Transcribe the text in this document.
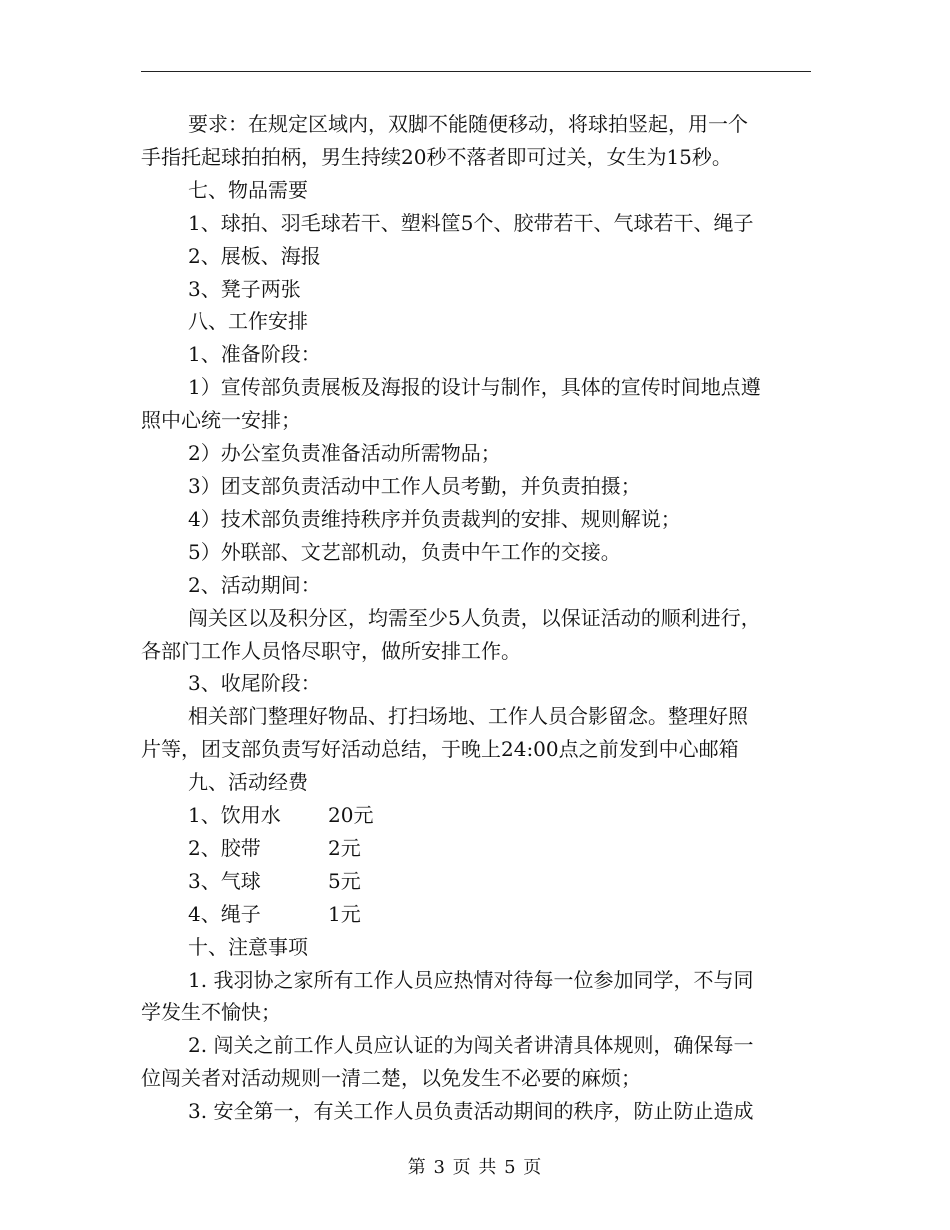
要求：在规定区域内，双脚不能随便移动，将球拍竖起，用一个
手指托起球拍拍柄，男生持续20秒不落者即可过关，女生为15秒。
七、物品需要
1、球拍、羽毛球若干、塑料筐5个、胶带若干、气球若干、绳子
2、展板、海报
3、凳子两张
八、工作安排
1、准备阶段：
1）宣传部负责展板及海报的设计与制作，具体的宣传时间地点遵
照中心统一安排；
2）办公室负责准备活动所需物品；
3）团支部负责活动中工作人员考勤，并负责拍摄；
4）技术部负责维持秩序并负责裁判的安排、规则解说；
5）外联部、文艺部机动，负责中午工作的交接。
2、活动期间：
闯关区以及积分区，均需至少5人负责，以保证活动的顺利进行，
各部门工作人员恪尽职守，做所安排工作。
3、收尾阶段：
相关部门整理好物品、打扫场地、工作人员合影留念。整理好照
片等，团支部负责写好活动总结，于晚上24:00点之前发到中心邮箱
九、活动经费
1、饮用水	20元
2、胶带	2元
3、气球	5元
4、绳子	1元
十、注意事项
1. 我羽协之家所有工作人员应热情对待每一位参加同学，不与同
学发生不愉快；
2. 闯关之前工作人员应认证的为闯关者讲清具体规则，确保每一
位闯关者对活动规则一清二楚，以免发生不必要的麻烦；
3. 安全第一，有关工作人员负责活动期间的秩序，防止防止造成
第 3 页 共 5 页
